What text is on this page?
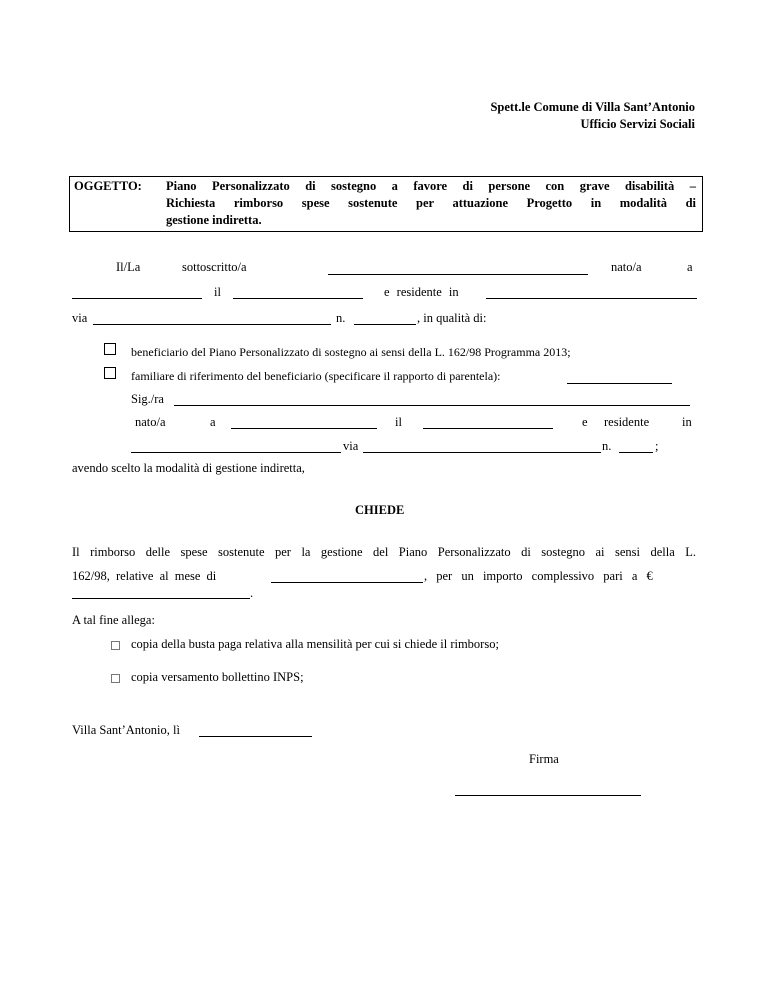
Spett.le Comune di Villa Sant’Antonio
Ufficio Servizi Sociali
OGGETTO: Piano Personalizzato di sostegno a favore di persone con grave disabilità –
Richiesta rimborso spese sostenute per attuazione Progetto in modalità di
gestione indiretta.
Il/La	sottoscritto/a	nato/a	a
il	e residente in
via	n.	, in qualità di:
beneficiario del Piano Personalizzato di sostegno ai sensi della L. 162/98 Programma 2013;
familiare di riferimento del beneficiario (specificare il rapporto di parentela):
Sig./ra
nato/a	a	il	e residente	in
via	n.	;
avendo scelto la modalità di gestione indiretta,
CHIEDE
Il rimborso delle spese sostenute per la gestione del Piano Personalizzato di sostegno ai sensi della L.
162/98, relative al mese di	, per un importo complessivo pari a €
.
A tal fine allega:
copia della busta paga relativa alla mensilità per cui si chiede il rimborso;
copia versamento bollettino INPS;
Villa Sant’Antonio, lì
Firma
